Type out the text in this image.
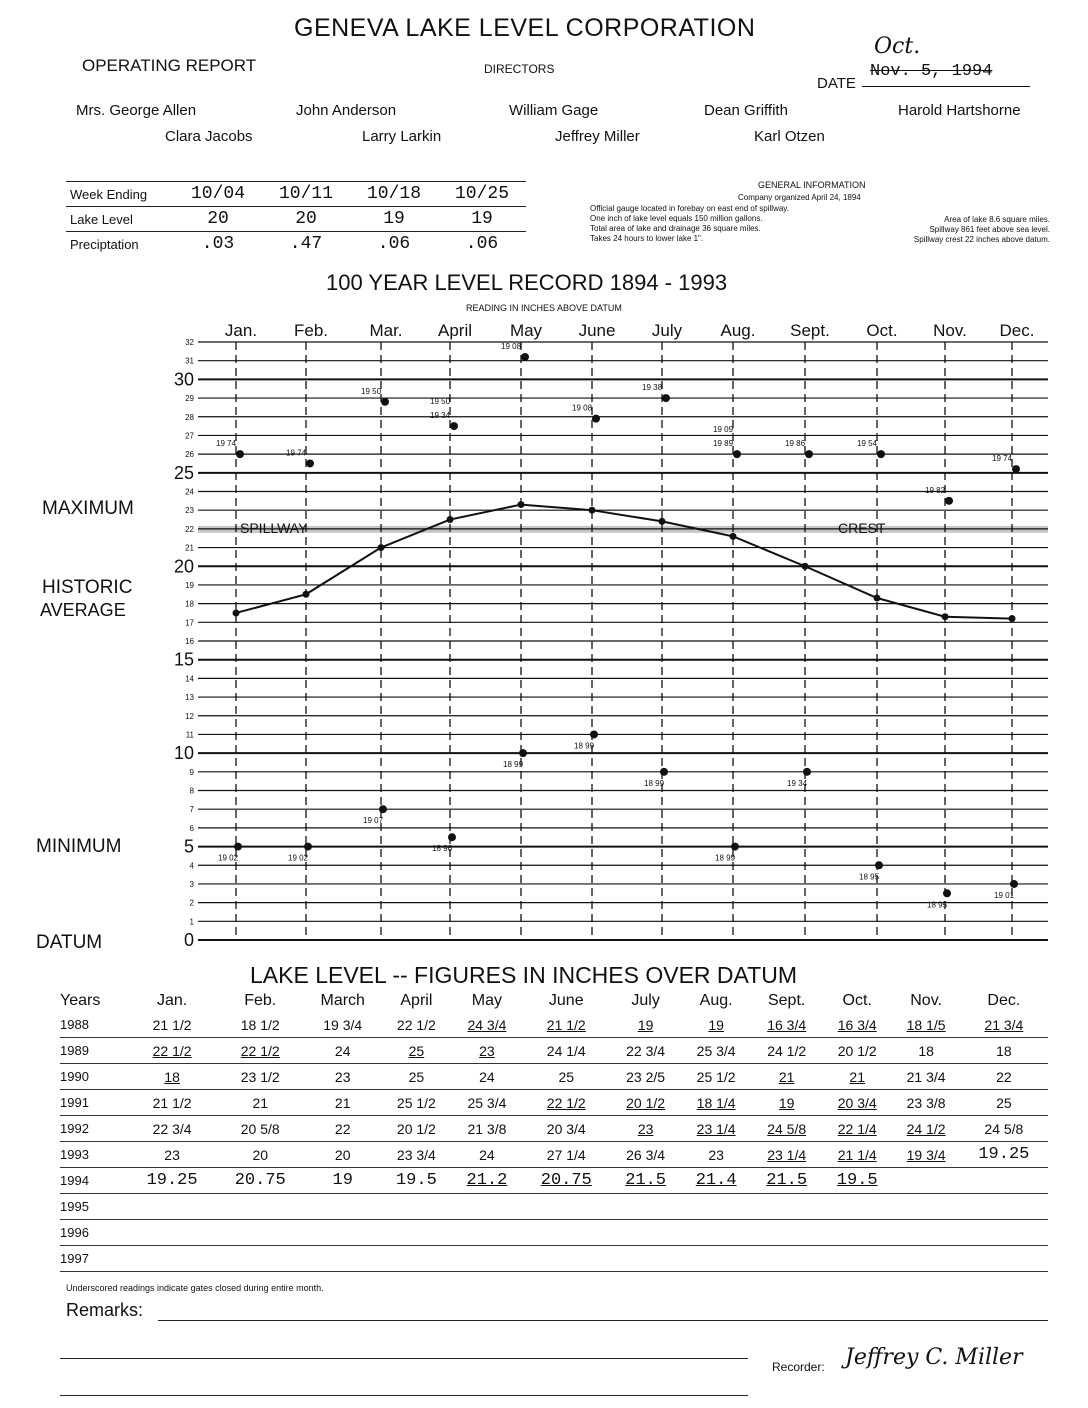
GENEVA LAKE LEVEL CORPORATION
OPERATING REPORT	DIRECTORS
DATE
Nov. 5, 1994
Oct.
Mrs. George Allen	John Anderson	William Gage	Dean Griffith	Harold Hartshorne
Clara Jacobs	Larry Larkin	Jeffrey Miller	Karl Otzen
Week Ending	10/04	10/11	10/18	10/25
Lake Level	20	20	19	19
Preciptation	.03	.47	.06	.06
GENERAL INFORMATION
Company organized April 24, 1894
Official gauge located in forebay on east end of spillway.
One inch of lake level equals 150 million gallons.
Total area of lake and drainage 36 square miles.
Takes 24 hours to lower lake 1".
Area of lake 8.6 square miles.
Spillway 861 feet above sea level.
Spillway crest 22 inches above datum.
100 YEAR LEVEL RECORD 1894 - 1993
READING IN INCHES ABOVE DATUM
SPILLWAY	CREST
0
1
2
3
4
5
6
7
8
9
10
11
12
13
14
15
16
17
18
19
20
21
22
23
24
25
26
27
28
29
30
31
32
Jan. Feb. Mar. April May June July Aug. Sept. Oct. Nov. Dec.
MAXIMUM
HISTORIC
AVERAGE
MINIMUM
DATUM
19 74
19 74
19 50
19 50
19 34
19 08
19 08
19 38
19 09
19 89	19 86	19 54
19 82
19 74
19 02	19 02
19 07
18 96
18 99
18 99
18 99
18 99
19 34
18 95
18 95
19 01
LAKE LEVEL -- FIGURES IN INCHES OVER DATUM
Years	Jan.	Feb.	March	April	May	June	July	Aug.	Sept.	Oct.	Nov.	Dec.
1988	21 1/2	18 1/2	19 3/4	22 1/2	24 3/4	21 1/2	19	19	16 3/4	16 3/4	18 1/5	21 3/4
1989	22 1/2	22 1/2	24	25	23	24 1/4	22 3/4	25 3/4	24 1/2	20 1/2	18	18
1990	18	23 1/2	23	25	24	25	23 2/5	25 1/2	21	21	21 3/4	22
1991	21 1/2	21	21	25 1/2	25 3/4	22 1/2	20 1/2	18 1/4	19	20 3/4	23 3/8	25
1992	22 3/4	20 5/8	22	20 1/2	21 3/8	20 3/4	23	23 1/4	24 5/8	22 1/4	24 1/2	24 5/8
1993	23	20	20	23 3/4	24	27 1/4	26 3/4	23	23 1/4	21 1/4	19 3/4	19.25
1994	19.25	20.75	19	19.5	21.2	20.75	21.5	21.4	21.5	19.5		
1995												
1996												
1997												
Underscored readings indicate gates closed during entire month.
Remarks:
Recorder: Jeffrey C. Miller
